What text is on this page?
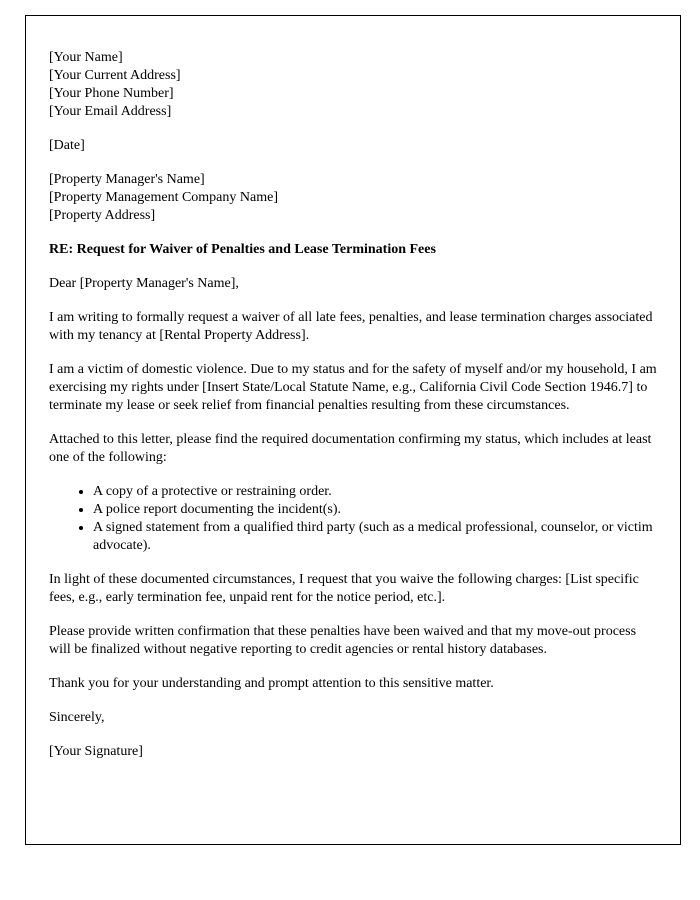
[Your Name]
[Your Current Address]
[Your Phone Number]
[Your Email Address]

[Date]

[Property Manager's Name]
[Property Management Company Name]
[Property Address]

RE: Request for Waiver of Penalties and Lease Termination Fees

Dear [Property Manager's Name],

I am writing to formally request a waiver of all late fees, penalties, and lease termination charges associated with my tenancy at [Rental Property Address].

I am a victim of domestic violence. Due to my status and for the safety of myself and/or my household, I am exercising my rights under [Insert State/Local Statute Name, e.g., California Civil Code Section 1946.7] to terminate my lease or seek relief from financial penalties resulting from these circumstances.

Attached to this letter, please find the required documentation confirming my status, which includes at least one of the following:

• A copy of a protective or restraining order.
• A police report documenting the incident(s).
• A signed statement from a qualified third party (such as a medical professional, counselor, or victim advocate).

In light of these documented circumstances, I request that you waive the following charges: [List specific fees, e.g., early termination fee, unpaid rent for the notice period, etc.].

Please provide written confirmation that these penalties have been waived and that my move-out process will be finalized without negative reporting to credit agencies or rental history databases.

Thank you for your understanding and prompt attention to this sensitive matter.

Sincerely,

[Your Signature]
